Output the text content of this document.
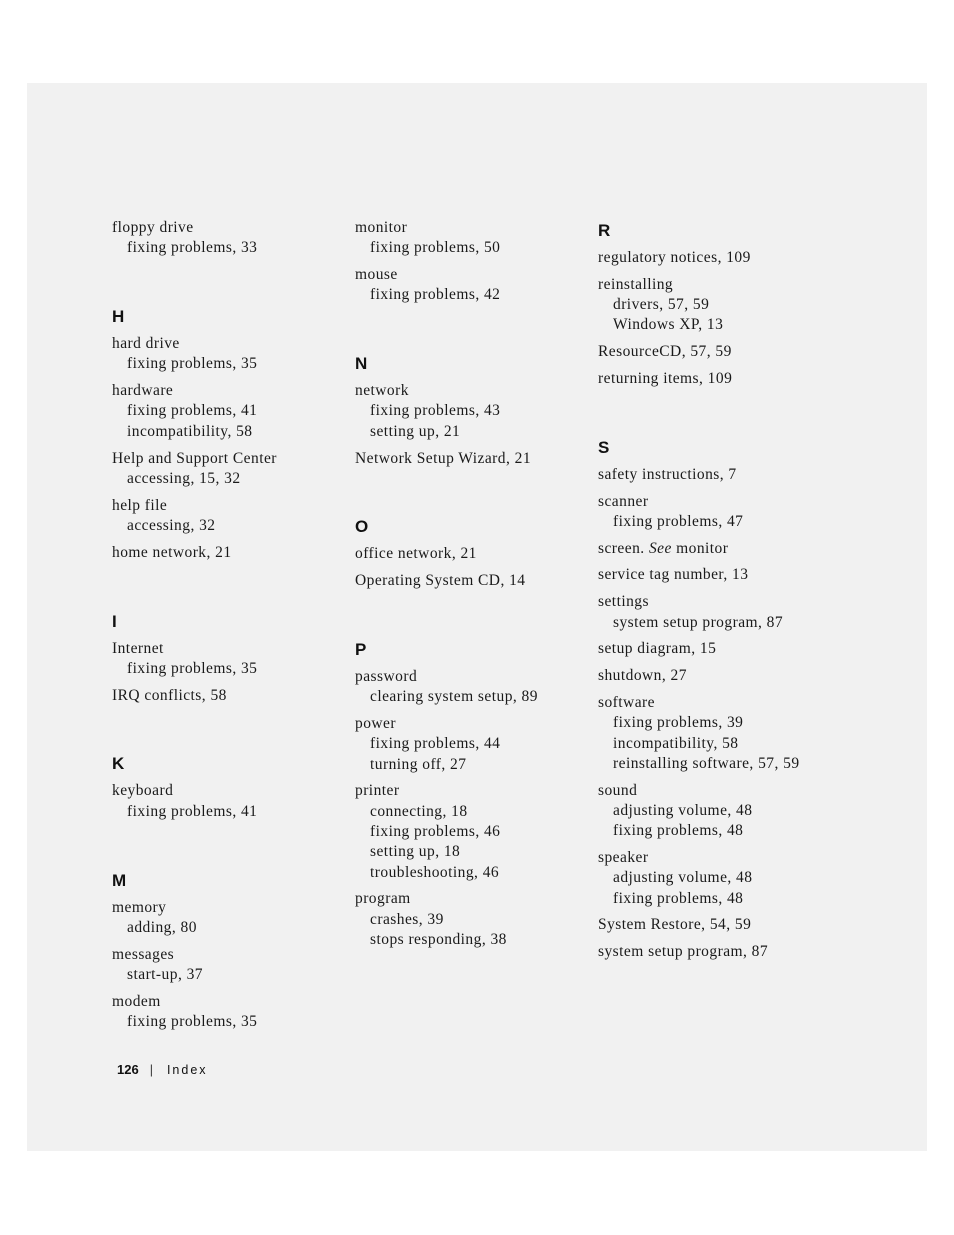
floppy drive
fixing problems, 33
H
hard drive
fixing problems, 35
hardware
fixing problems, 41
incompatibility, 58
Help and Support Center
accessing, 15, 32
help file
accessing, 32
home network, 21
I
Internet
fixing problems, 35
IRQ conflicts, 58
K
keyboard
fixing problems, 41
M
memory
adding, 80
messages
start-up, 37
modem
fixing problems, 35
monitor
fixing problems, 50
mouse
fixing problems, 42
N
network
fixing problems, 43
setting up, 21
Network Setup Wizard, 21
O
office network, 21
Operating System CD, 14
P
password
clearing system setup, 89
power
fixing problems, 44
turning off, 27
printer
connecting, 18
fixing problems, 46
setting up, 18
troubleshooting, 46
program
crashes, 39
stops responding, 38
R
regulatory notices, 109
reinstalling
drivers, 57, 59
Windows XP, 13
ResourceCD, 57, 59
returning items, 109
S
safety instructions, 7
scanner
fixing problems, 47
screen. See monitor
service tag number, 13
settings
system setup program, 87
setup diagram, 15
shutdown, 27
software
fixing problems, 39
incompatibility, 58
reinstalling software, 57, 59
sound
adjusting volume, 48
fixing problems, 48
speaker
adjusting volume, 48
fixing problems, 48
System Restore, 54, 59
system setup program, 87
126 | Index
